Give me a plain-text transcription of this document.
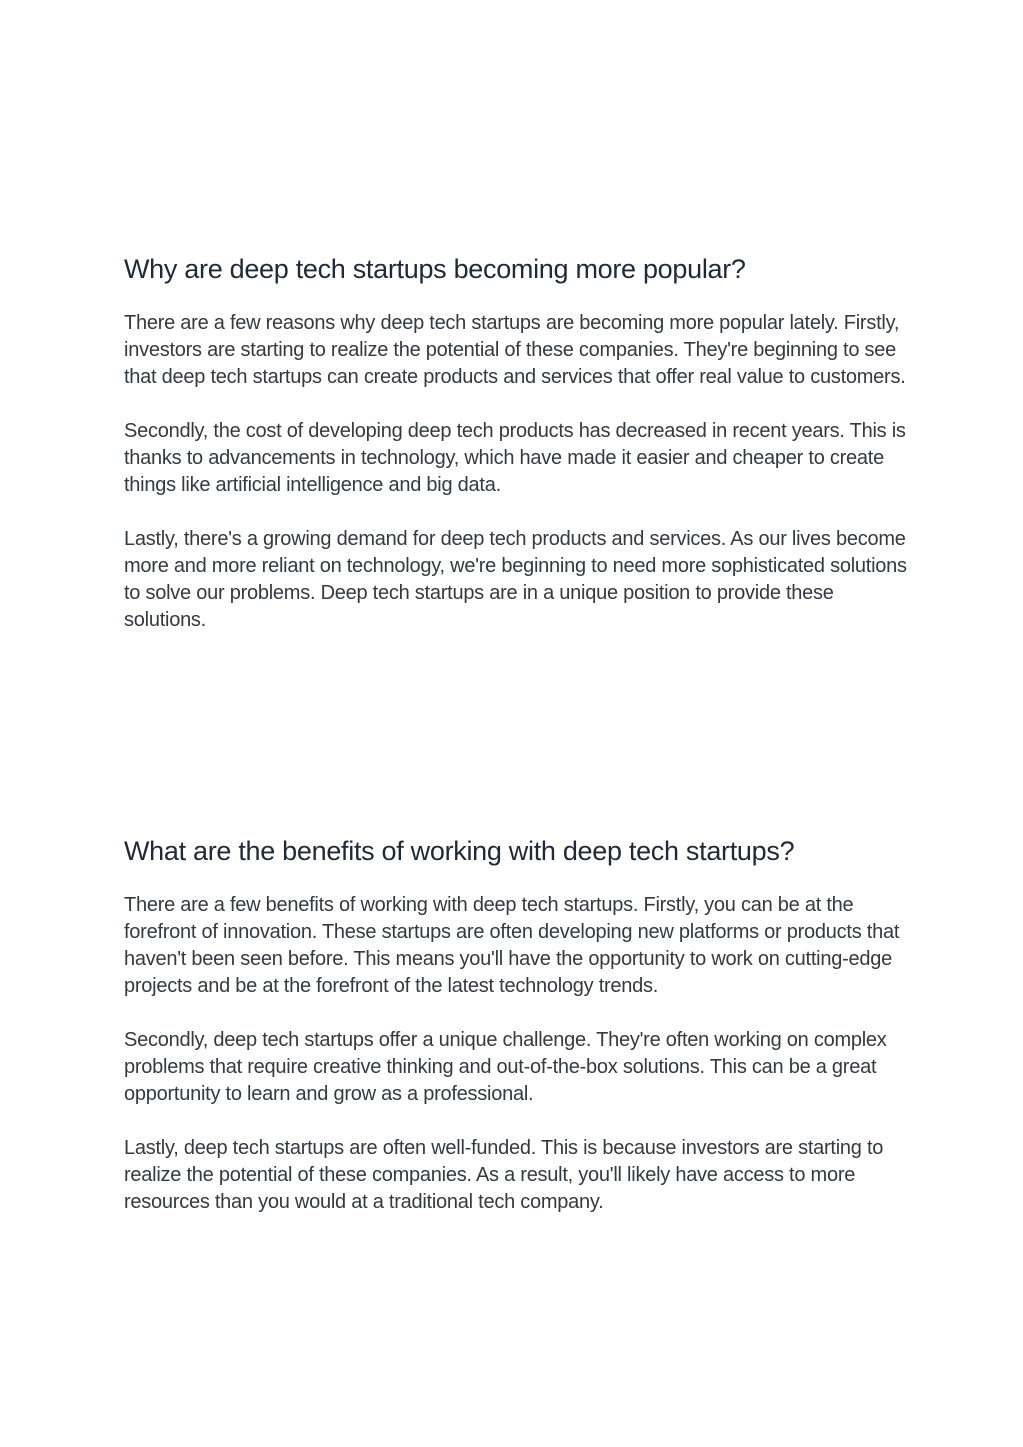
Why are deep tech startups becoming more popular?

There are a few reasons why deep tech startups are becoming more popular lately. Firstly, investors are starting to realize the potential of these companies. They're beginning to see that deep tech startups can create products and services that offer real value to customers.

Secondly, the cost of developing deep tech products has decreased in recent years. This is thanks to advancements in technology, which have made it easier and cheaper to create things like artificial intelligence and big data.

Lastly, there's a growing demand for deep tech products and services. As our lives become more and more reliant on technology, we're beginning to need more sophisticated solutions to solve our problems. Deep tech startups are in a unique position to provide these solutions.

What are the benefits of working with deep tech startups?

There are a few benefits of working with deep tech startups. Firstly, you can be at the forefront of innovation. These startups are often developing new platforms or products that haven't been seen before. This means you'll have the opportunity to work on cutting-edge projects and be at the forefront of the latest technology trends.

Secondly, deep tech startups offer a unique challenge. They're often working on complex problems that require creative thinking and out-of-the-box solutions. This can be a great opportunity to learn and grow as a professional.

Lastly, deep tech startups are often well-funded. This is because investors are starting to realize the potential of these companies. As a result, you'll likely have access to more resources than you would at a traditional tech company.
